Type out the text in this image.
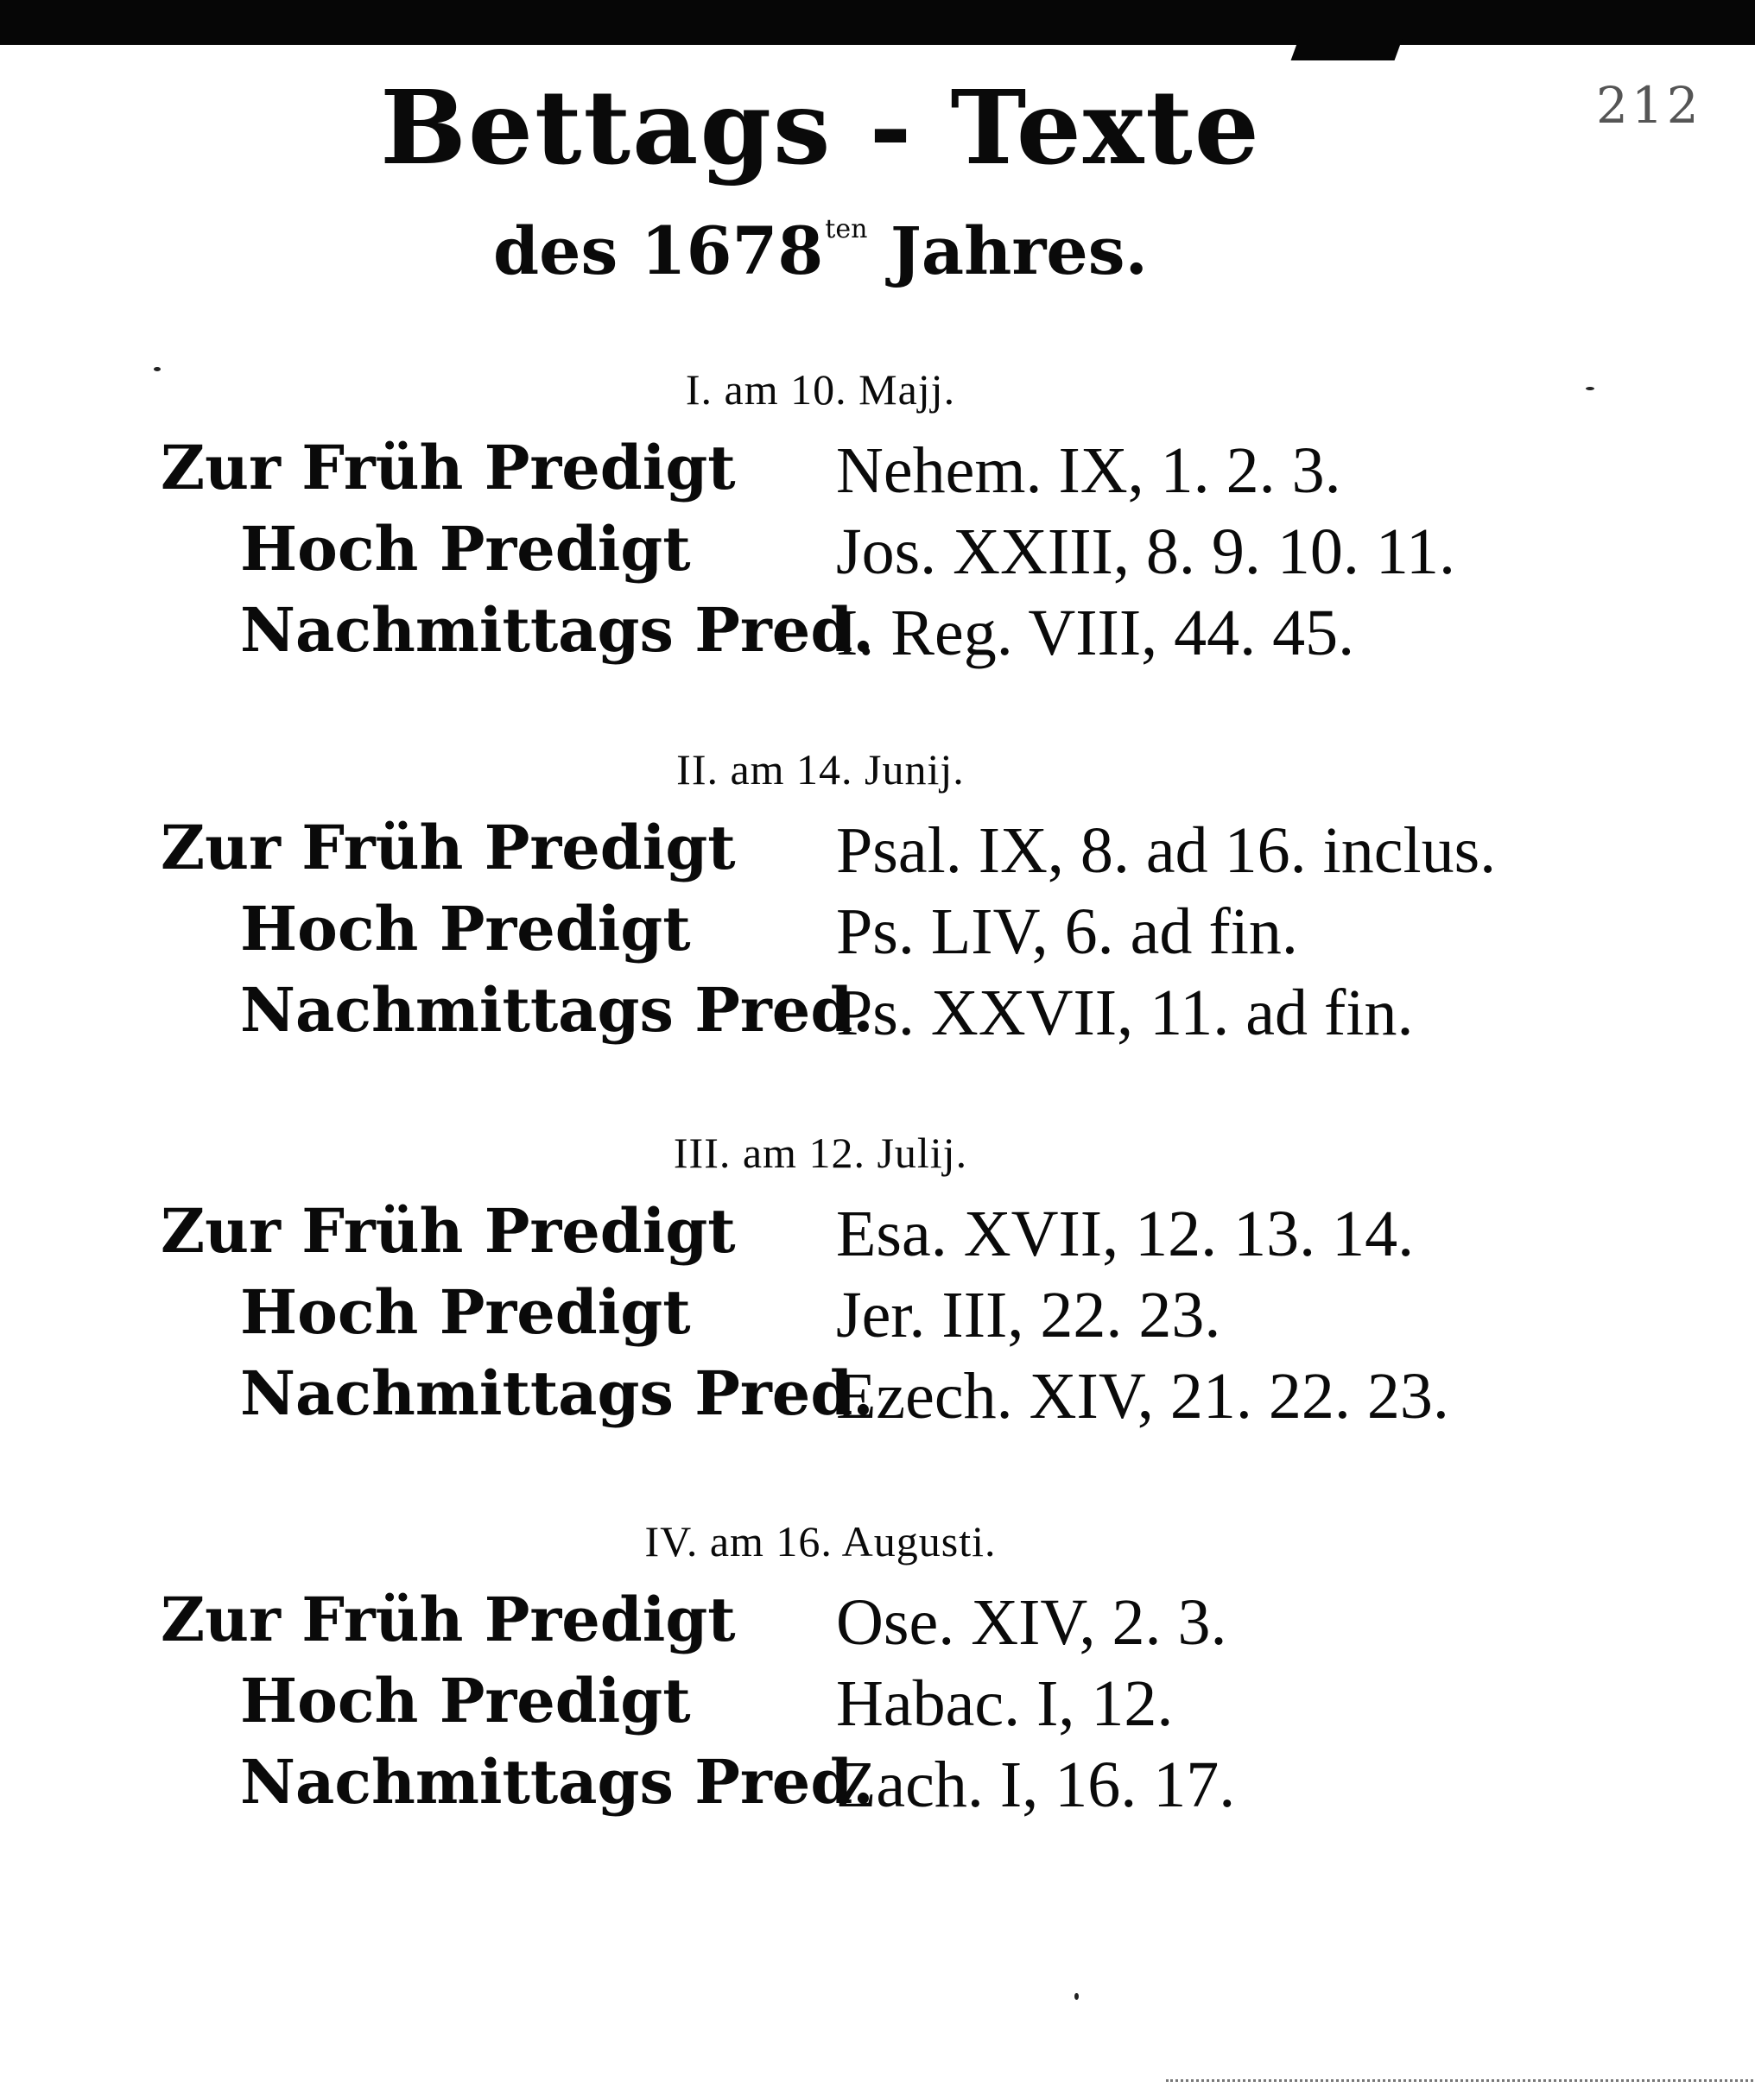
212
Bettags - Texte
des $1678^{ten}$ Jahres.
I. am 10. Majj.
Zur Früh Predigt Nehem. IX, 1. 2. 3.
Hoch Predigt Jos. XXIII, 8. 9. 10. 11.
Nachmittags Pred.
I. Reg. VIII, 44. 45.
II. am 14. Junij.
Zur Früh Predigt Psal. IX, 8. ad 16. inclus.
Hoch Predigt Ps. LIV, 6. ad fin.
Nachmittags Pred.
Ps. XXVII, 11. ad fin.
III. am 12. Julij.
Zur Früh Predigt Esa. XVII, 12. 13. 14.
Hoch Predigt Jer. III, 22. 23.
Nachmittags Pred.
Ezech. XIV, 21. 22. 23.
IV. am 16. Augusti.
Zur Früh Predigt Ose. XIV, 2. 3.
Hoch Predigt Habac. I, 12.
Nachmittags Pred.
Zach. I, 16. 17.
